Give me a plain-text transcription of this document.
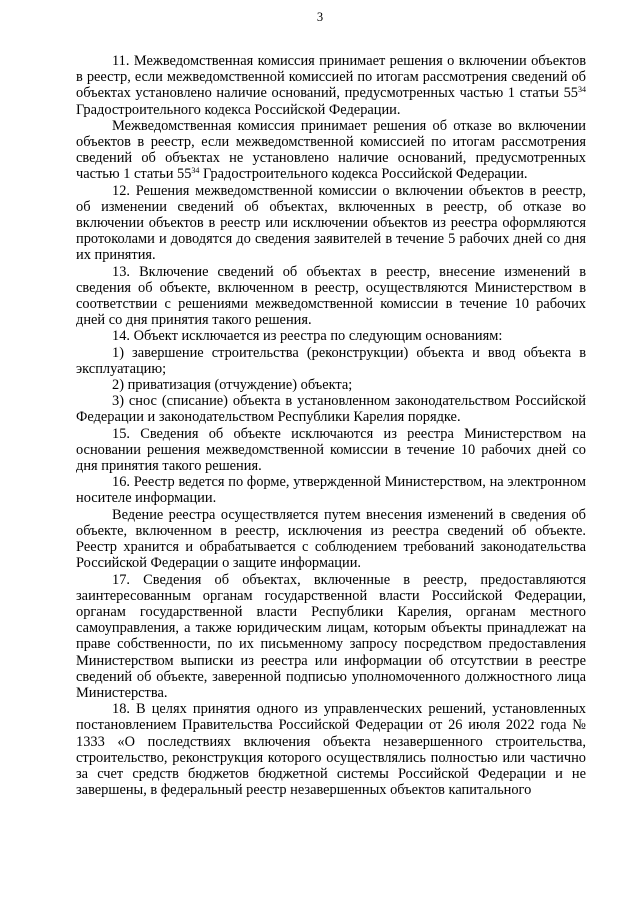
3

11. Межведомственная комиссия принимает решения о включении объектов в реестр, если межведомственной комиссией по итогам рассмотрения сведений об объектах установлено наличие оснований, предусмотренных частью 1 статьи $55^{34}$ Градостроительного кодекса Российской Федерации.

Межведомственная комиссия принимает решения об отказе во включении объектов в реестр, если межведомственной комиссией по итогам рассмотрения сведений об объектах не установлено наличие оснований, предусмотренных частью 1 статьи $55^{34}$ Градостроительного кодекса Российской Федерации.

12. Решения межведомственной комиссии о включении объектов в реестр, об изменении сведений об объектах, включенных в реестр, об отказе во включении объектов в реестр или исключении объектов из реестра оформляются протоколами и доводятся до сведения заявителей в течение 5 рабочих дней со дня их принятия.

13. Включение сведений об объектах в реестр, внесение изменений в сведения об объекте, включенном в реестр, осуществляются Министерством в соответствии с решениями межведомственной комиссии в течение 10 рабочих дней со дня принятия такого решения.

14. Объект исключается из реестра по следующим основаниям:

1) завершение строительства (реконструкции) объекта и ввод объекта в эксплуатацию;

2) приватизация (отчуждение) объекта;

3) снос (списание) объекта в установленном законодательством Российской Федерации и законодательством Республики Карелия порядке.

15. Сведения об объекте исключаются из реестра Министерством на основании решения межведомственной комиссии в течение 10 рабочих дней со дня принятия такого решения.

16. Реестр ведется по форме, утвержденной Министерством, на электронном носителе информации.

Ведение реестра осуществляется путем внесения изменений в сведения об объекте, включенном в реестр, исключения из реестра сведений об объекте. Реестр хранится и обрабатывается с соблюдением требований законодательства Российской Федерации о защите информации.

17. Сведения об объектах, включенные в реестр, предоставляются заинтересованным органам государственной власти Российской Федерации, органам государственной власти Республики Карелия, органам местного самоуправления, а также юридическим лицам, которым объекты принадлежат на праве собственности, по их письменному запросу посредством предоставления Министерством выписки из реестра или информации об отсутствии в реестре сведений об объекте, заверенной подписью уполномоченного должностного лица Министерства.

18. В целях принятия одного из управленческих решений, установленных постановлением Правительства Российской Федерации от 26 июля 2022 года № 1333 «О последствиях включения объекта незавершенного строительства, строительство, реконструкция которого осуществлялись полностью или частично за счет средств бюджетов бюджетной системы Российской Федерации и не завершены, в федеральный реестр незавершенных объектов капитального
